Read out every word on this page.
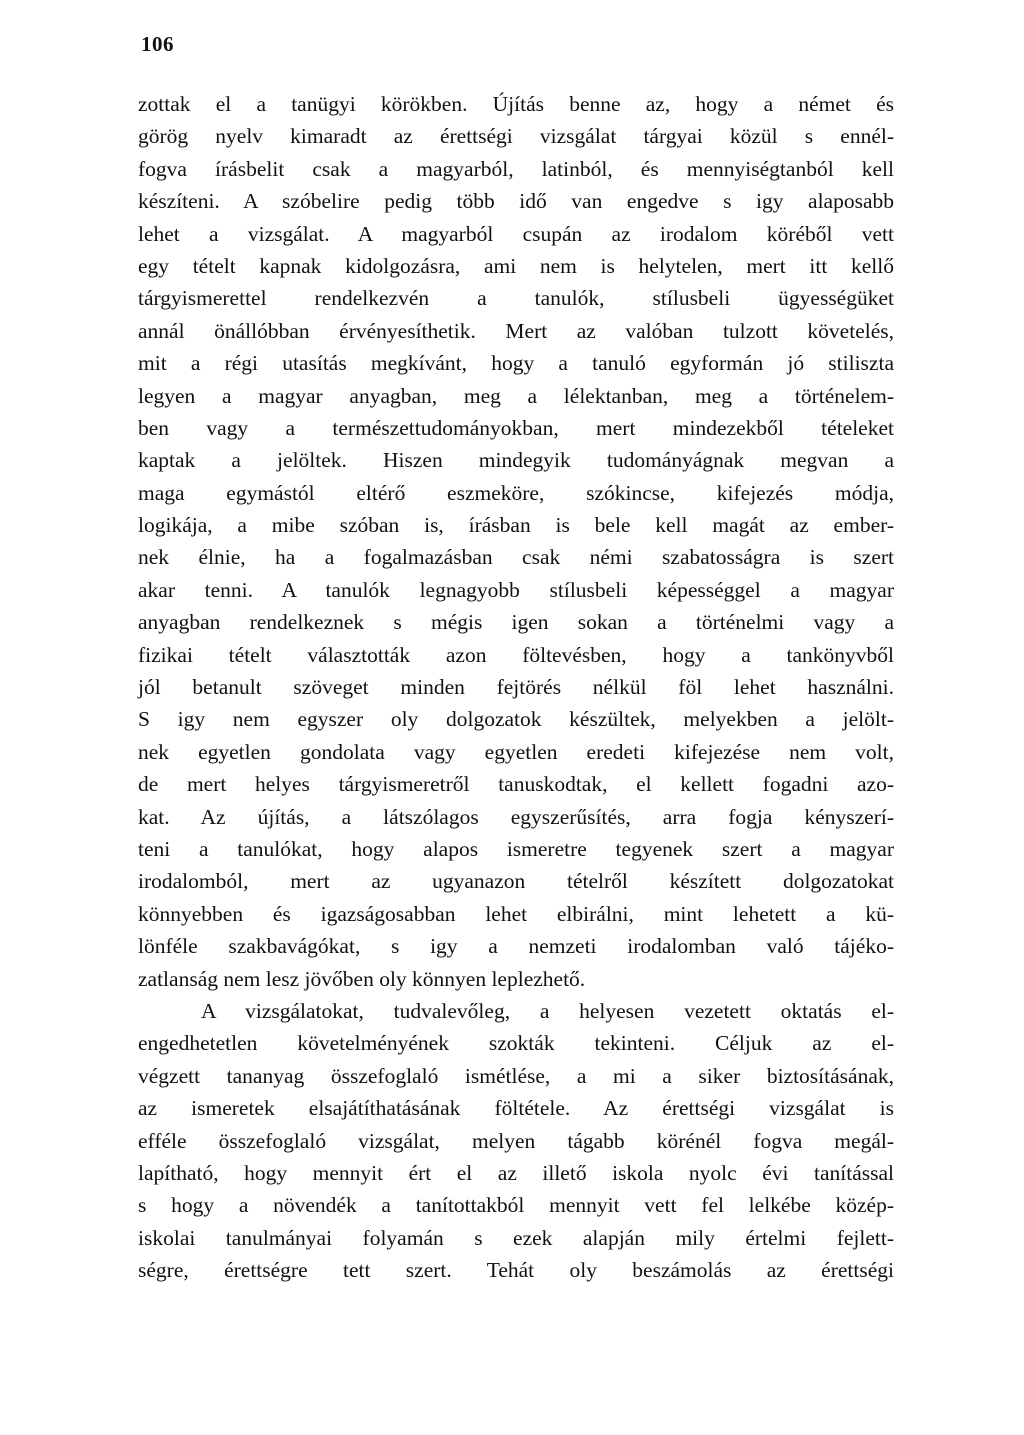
106
zottak el a tanügyi körökben. Újítás benne az, hogy a német és
görög nyelv kimaradt az érettségi vizsgálat tárgyai közül s ennél-
fogva írásbelit csak a magyarból, latinból, és mennyiségtanból kell
készíteni. A szóbelire pedig több idő van engedve s igy alaposabb
lehet a vizsgálat. A magyarból csupán az irodalom köréből vett
egy tételt kapnak kidolgozásra, ami nem is helytelen, mert itt kellő
tárgyismerettel rendelkezvén a tanulók, stílusbeli ügyességüket
annál önállóbban érvényesíthetik. Mert az valóban tulzott követelés,
mit a régi utasítás megkívánt, hogy a tanuló egyformán jó stiliszta
legyen a magyar anyagban, meg a lélektanban, meg a történelem-
ben vagy a természettudományokban, mert mindezekből tételeket
kaptak a jelöltek. Hiszen mindegyik tudományágnak megvan a
maga egymástól eltérő eszmeköre, szókincse, kifejezés módja,
logikája, a mibe szóban is, írásban is bele kell magát az ember-
nek élnie, ha a fogalmazásban csak némi szabatosságra is szert
akar tenni. A tanulók legnagyobb stílusbeli képességgel a magyar
anyagban rendelkeznek s mégis igen sokan a történelmi vagy a
fizikai tételt választották azon föltevésben, hogy a tankönyvből
jól betanult szöveget minden fejtörés nélkül föl lehet használni.
S igy nem egyszer oly dolgozatok készültek, melyekben a jelölt-
nek egyetlen gondolata vagy egyetlen eredeti kifejezése nem volt,
de mert helyes tárgyismeretről tanuskodtak, el kellett fogadni azo-
kat. Az újítás, a látszólagos egyszerűsítés, arra fogja kényszerí-
teni a tanulókat, hogy alapos ismeretre tegyenek szert a magyar
irodalomból, mert az ugyanazon tételről készített dolgozatokat
könnyebben és igazságosabban lehet elbirálni, mint lehetett a kü-
lönféle szakbavágókat, s igy a nemzeti irodalomban való tájéko-
zatlanság nem lesz jövőben oly könnyen leplezhető.
A vizsgálatokat, tudvalevőleg, a helyesen vezetett oktatás el-
engedhetetlen követelményének szokták tekinteni. Céljuk az el-
végzett tananyag összefoglaló ismétlése, a mi a siker biztosításának,
az ismeretek elsajátíthatásának föltétele. Az érettségi vizsgálat is
efféle összefoglaló vizsgálat, melyen tágabb körénél fogva megál-
lapítható, hogy mennyit ért el az illető iskola nyolc évi tanítással
s hogy a növendék a tanítottakból mennyit vett fel lelkébe közép-
iskolai tanulmányai folyamán s ezek alapján mily értelmi fejlett-
ségre, érettségre tett szert. Tehát oly beszámolás az érettségi
